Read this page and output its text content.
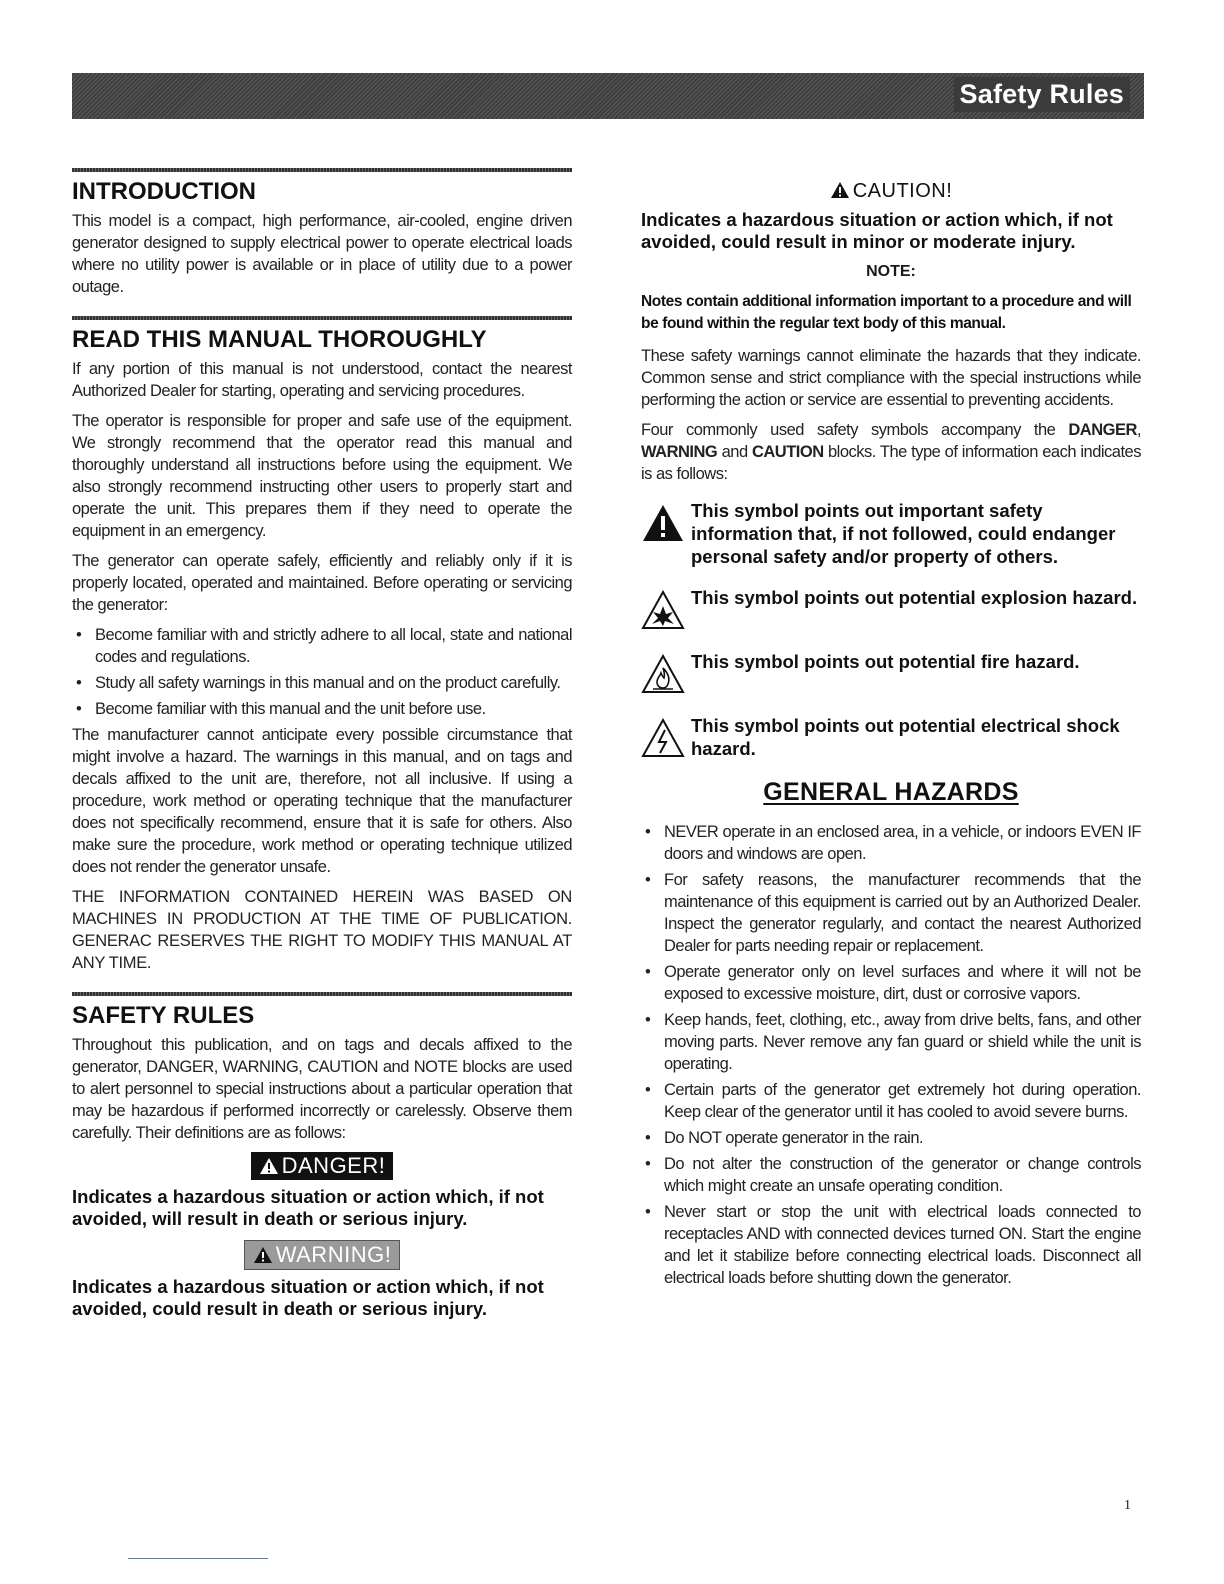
Safety Rules
INTRODUCTION

This model is a compact, high performance, air-cooled, engine driven generator designed to supply electrical power to operate electrical loads where no utility power is available or in place of utility due to a power outage.

READ THIS MANUAL THOROUGHLY

If any portion of this manual is not understood, contact the nearest Authorized Dealer for starting, operating and servicing procedures.

The operator is responsible for proper and safe use of the equipment. We strongly recommend that the operator read this manual and thoroughly understand all instructions before using the equipment. We also strongly recommend instructing other users to properly start and operate the unit. This prepares them if they need to operate the equipment in an emergency.

The generator can operate safely, efficiently and reliably only if it is properly located, operated and maintained. Before operating or servicing the generator:

• Become familiar with and strictly adhere to all local, state and national codes and regulations.
• Study all safety warnings in this manual and on the product carefully.
• Become familiar with this manual and the unit before use.

The manufacturer cannot anticipate every possible circumstance that might involve a hazard. The warnings in this manual, and on tags and decals affixed to the unit are, therefore, not all inclusive. If using a procedure, work method or operating technique that the manufacturer does not specifically recommend, ensure that it is safe for others. Also make sure the procedure, work method or operating technique utilized does not render the generator unsafe.

THE INFORMATION CONTAINED HEREIN WAS BASED ON MACHINES IN PRODUCTION AT THE TIME OF PUBLICATION. GENERAC RESERVES THE RIGHT TO MODIFY THIS MANUAL AT ANY TIME.

SAFETY RULES

Throughout this publication, and on tags and decals affixed to the generator, DANGER, WARNING, CAUTION and NOTE blocks are used to alert personnel to special instructions about a particular operation that may be hazardous if performed incorrectly or carelessly. Observe them carefully. Their definitions are as follows:

DANGER!

Indicates a hazardous situation or action which, if not avoided, will result in death or serious injury.

WARNING!

Indicates a hazardous situation or action which, if not avoided, could result in death or serious injury.

CAUTION!

Indicates a hazardous situation or action which, if not avoided, could result in minor or moderate injury.

NOTE:

Notes contain additional information important to a procedure and will be found within the regular text body of this manual.

These safety warnings cannot eliminate the hazards that they indicate. Common sense and strict compliance with the special instructions while performing the action or service are essential to preventing accidents.

Four commonly used safety symbols accompany the DANGER, WARNING and CAUTION blocks. The type of information each indicates is as follows:

This symbol points out important safety information that, if not followed, could endanger personal safety and/or property of others.
This symbol points out potential explosion hazard.
This symbol points out potential fire hazard.
This symbol points out potential electrical shock hazard.
GENERAL HAZARDS
• NEVER operate in an enclosed area, in a vehicle, or indoors EVEN IF doors and windows are open.
• For safety reasons, the manufacturer recommends that the maintenance of this equipment is carried out by an Authorized Dealer. Inspect the generator regularly, and contact the nearest Authorized Dealer for parts needing repair or replacement.
• Operate generator only on level surfaces and where it will not be exposed to excessive moisture, dirt, dust or corrosive vapors.
• Keep hands, feet, clothing, etc., away from drive belts, fans, and other moving parts. Never remove any fan guard or shield while the unit is operating.
• Certain parts of the generator get extremely hot during operation. Keep clear of the generator until it has cooled to avoid severe burns.
• Do NOT operate generator in the rain.
• Do not alter the construction of the generator or change controls which might create an unsafe operating condition.
• Never start or stop the unit with electrical loads connected to receptacles AND with connected devices turned ON. Start the engine and let it stabilize before connecting electrical loads. Disconnect all electrical loads before shutting down the generator.
1
